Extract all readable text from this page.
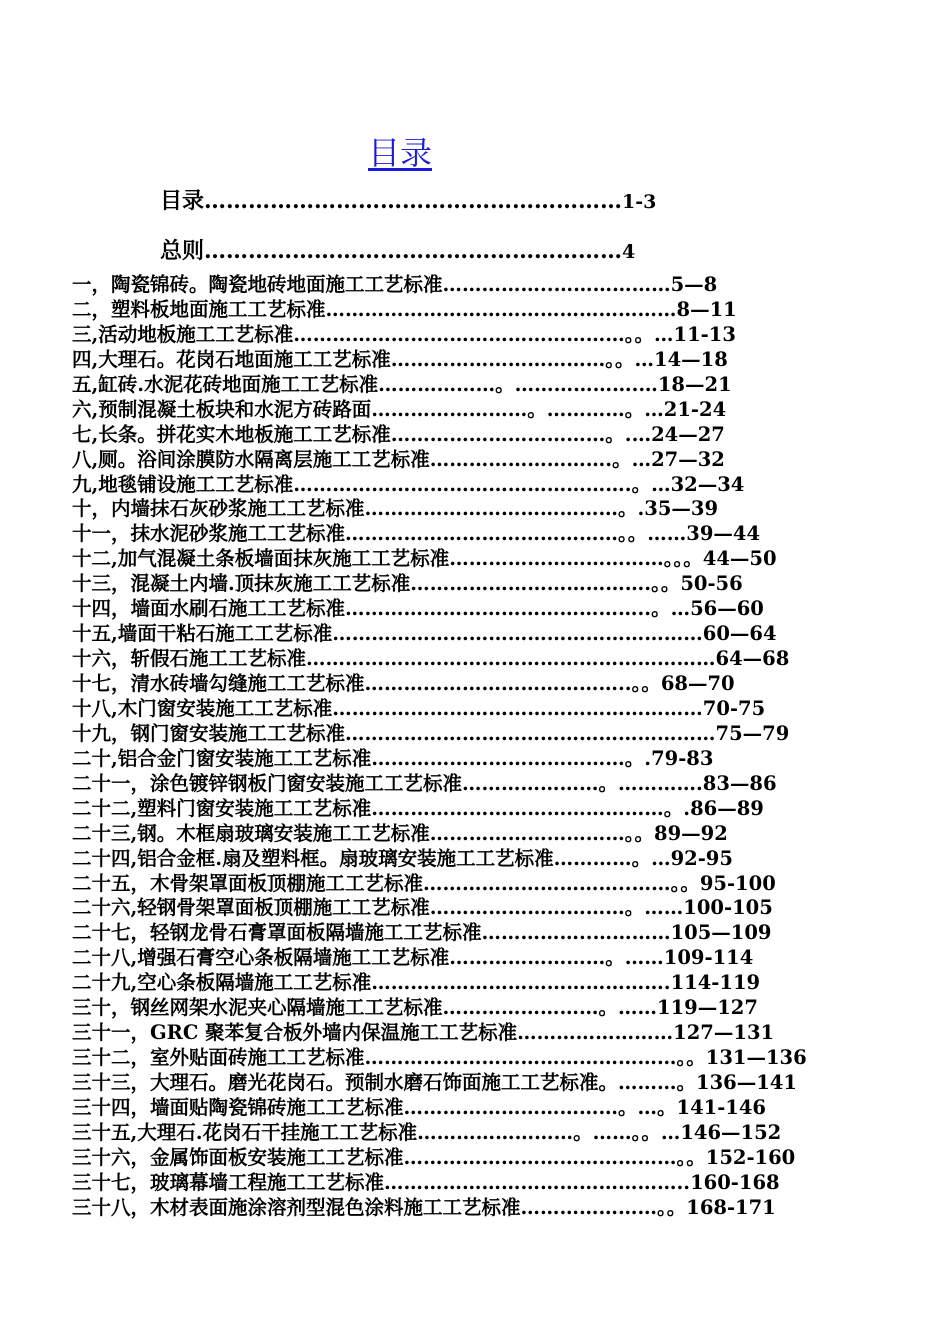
目录
目录…………………………………………………1-3
总则…………………………………………………4
一，陶瓷锦砖。陶瓷地砖地面施工工艺标准……………..………………5—8
二，塑料板地面施工工艺标准………………………………………………8—11
三,活动地板施工工艺标准……………………………………………。。…11-13
四,大理石。花岗石地面施工工艺标准……………………………。。…14—18
五,缸砖.水泥花砖地面施工工艺标准………………。……………….…18—21
六,预制混凝土板块和水泥方砖路面……………………。…………。…21-24
七,长条。拼花实木地板施工工艺标准……………………………。.…24—27
八,厕。浴间涂膜防水隔离层施工工艺标准……………………….。…27—32
九,地毯铺设施工工艺标准…………………………………………….。…32—34
十，内墙抹石灰砂浆施工工艺标准…………………………………。.35—39
十一，抹水泥砂浆施工工艺标准……………………………………。。……39—44
十二,加气混凝土条板墙面抹灰施工工艺标准……………………………。。。44—50
十三，混凝土内墙.顶抹灰施工工艺标准……………………………….。。50-56
十四，墙面水刷石施工工艺标准………………………………………..。…56—60
十五,墙面干粘石施工工艺标准…………………………………………………60—64
十六，斩假石施工工艺标准………………………………………………………64—68
十七，清水砖墙勾缝施工工艺标准…………………………………..。。68—70
十八,木门窗安装施工工艺标准…………………………………………………70-75
十九，钢门窗安装施工工艺标准…………………………………………………75—79
二十,铝合金门窗安装施工工艺标准…………………………………。.79-83
二十一，涂色镀锌钢板门窗安装施工工艺标准…………………。………….83—86
二十二,塑料门窗安装施工工艺标准………………………………………。.86—89
二十三,钢。木框扇玻璃安装施工工艺标准…………………………。。89—92
二十四,铝合金框.扇及塑料框。扇玻璃安装施工工艺标准…………。…92-95
二十五，木骨架罩面板顶棚施工工艺标准…………………………..……。。95-100
二十六,轻钢骨架罩面板顶棚施工工艺标准…………………………。……100-105
二十七，轻钢龙骨石膏罩面板隔墙施工工艺标准……………..…………105—109
二十八,增强石膏空心条板隔墙施工工艺标准……………………。……109-114
二十九,空心条板隔墙施工工艺标准……………………………………….114-119
三十，钢丝网架水泥夹心隔墙施工工艺标准……………………。……119—127
三十一，GRC 聚苯复合板外墙内保温施工工艺标准……………………127—131
三十二，室外贴面砖施工工艺标准…………………………………………。。131—136
三十三，大理石。磨光花岗石。预制水磨石饰面施工工艺标准。………。136—141
三十四，墙面贴陶瓷锦砖施工工艺标准……………………………。…。141-146
三十五,大理石.花岗石干挂施工工艺标准……………………。……。。…146—152
三十六，金属饰面板安装施工工艺标准……………………………………。。152-160
三十七，玻璃幕墙工程施工工艺标准………………………………………..160-168
三十八，木材表面施涂溶剂型混色涂料施工工艺标准…………………。。168-171
